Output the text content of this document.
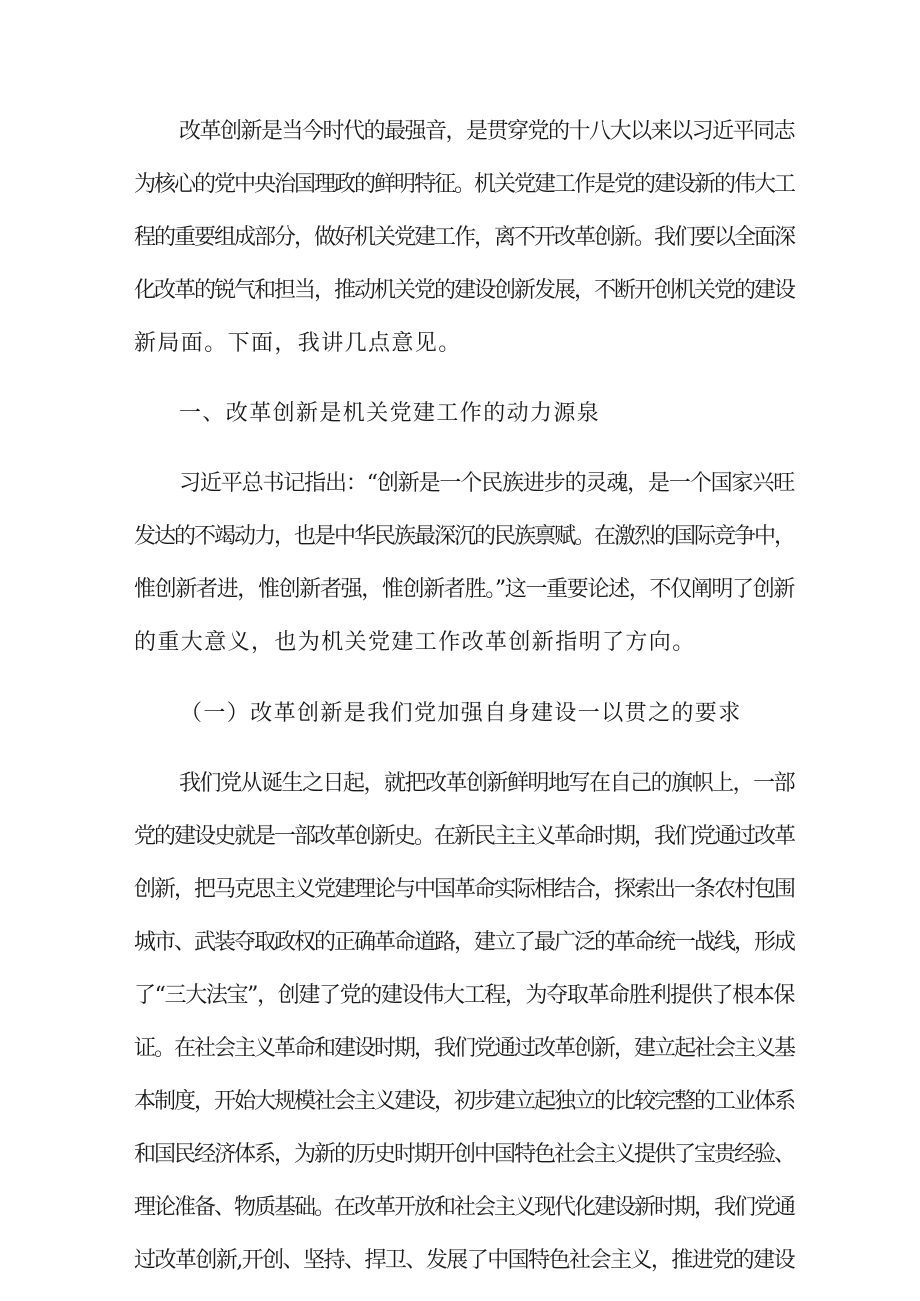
改革创新是当今时代的最强音，是贯穿党的十八大以来以习近平同志
为核心的党中央治国理政的鲜明特征。机关党建工作是党的建设新的伟大工
程的重要组成部分，做好机关党建工作，离不开改革创新。我们要以全面深
化改革的锐气和担当，推动机关党的建设创新发展，不断开创机关党的建设
新局面。下面，我讲几点意见。
一、改革创新是机关党建工作的动力源泉
习近平总书记指出：“创新是一个民族进步的灵魂，是一个国家兴旺
发达的不竭动力，也是中华民族最深沉的民族禀赋。在激烈的国际竞争中，
惟创新者进，惟创新者强，惟创新者胜。”这一重要论述，不仅阐明了创新
的重大意义，也为机关党建工作改革创新指明了方向。
（一）改革创新是我们党加强自身建设一以贯之的要求
我们党从诞生之日起，就把改革创新鲜明地写在自己的旗帜上，一部
党的建设史就是一部改革创新史。在新民主主义革命时期，我们党通过改革
创新，把马克思主义党建理论与中国革命实际相结合，探索出一条农村包围
城市、武装夺取政权的正确革命道路，建立了最广泛的革命统一战线，形成
了“三大法宝”，创建了党的建设伟大工程，为夺取革命胜利提供了根本保
证。在社会主义革命和建设时期，我们党通过改革创新，建立起社会主义基
本制度，开始大规模社会主义建设，初步建立起独立的比较完整的工业体系
和国民经济体系，为新的历史时期开创中国特色社会主义提供了宝贵经验、
理论准备、物质基础。在改革开放和社会主义现代化建设新时期，我们党通
过改革创新,开创、坚持、捍卫、发展了中国特色社会主义，推进党的建设
